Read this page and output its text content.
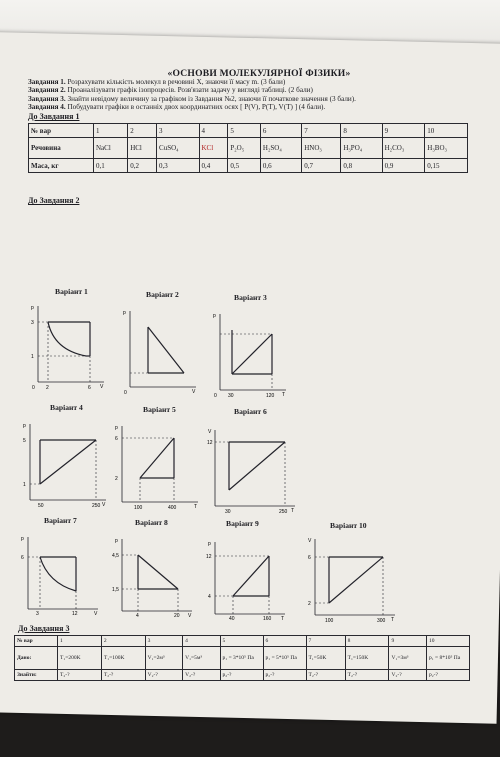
«ОСНОВИ МОЛЕКУЛЯРНОЇ ФІЗИКИ»
Завдання 1. Розрахувати кількість молекул в речовині X, знаючи її масу m. (3 бали)
Завдання 2. Проаналізувати графік ізопроцесів. Розв'язати задачу у вигляді таблиці. (2 бали)
Завдання 3. Знайти невідому величину за графіком із Завдання №2, знаючи її початкове значення (3 бали).
Завдання 4. Побудувати графіки в останніх двох координатних осях [ P(V), P(T), V(T) ] (4 бали).
До Завдання 1
№ вар	1	2	3	4	5	6	7	8	9	10
Речовина	NaCl	HCl	CuSO₄	KCl	P₂O₅	H₂SO₄	HNO₃	H₃PO₄	H₂CO₃	H₃BO₃
Маса, кг	0,1	0,2	0,3	0,4	0,5	0,6	0,7	0,8	0,9	0,15
До Завдання 2
Варіант 1	Варіант 2	Варіант 3
Варіант 4	Варіант 5	Варіант 6
Варіант 7	Варіант 8	Варіант 9	Варіант 10
p
V
0
3
1
2	6
p
V
0
p
T
0 30	120
p
V
5
1
50	250
p
T
6
2
100	400
V
T
12
30	250
p
V
6
3	12
p
V
4,5
1,5
4	20
p
T
12
4
40	160
V
T
6
2
100	300
До Завдання 3
№ вар	1	2	3	4	5	6	7	8	9	10
Дано:	T₁=200K	T₁=100K	V₁=2м³	V₁=5м³	p₁ = 3*10⁵ Па	p₁ = 5*10⁵ Па	T₁=50K	T₁=150K	V₁=3м³	p₁ = 8*10⁵ Па
Знайти:	T₂-?	T₂-?	V₂-?	V₂-?	p₂-?	p₂-?	T₂-?	T₂-?	V₂-?	p₂-?
